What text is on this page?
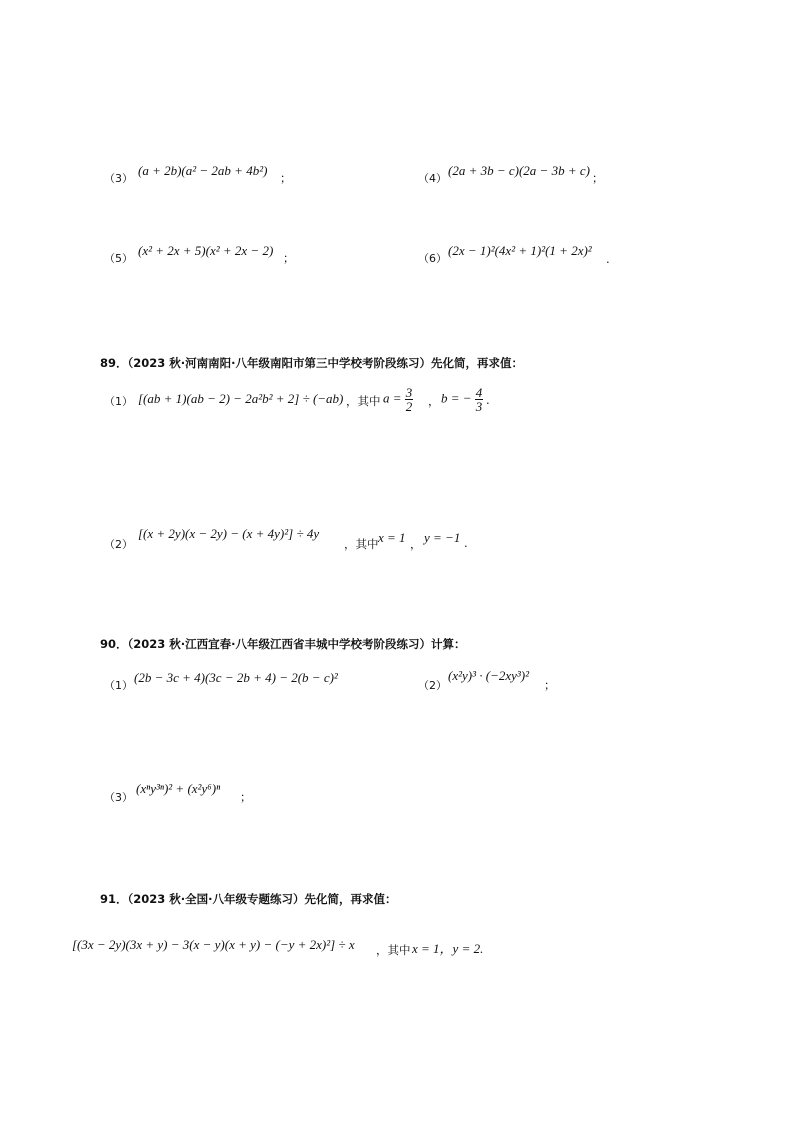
（3）
(a + 2b)(a² − 2ab + 4b²) ；	（4）
(2a + 3b − c)(2a − 3b + c) ；
（5）
(x² + 2x + 5)(x² + 2x − 2) ；	（6）
(2x − 1)²(4x² + 1)²(1 + 2x)²
.
89．（2023 秋·河南南阳·八年级南阳市第三中学校考阶段练习）先化简，再求值：
（1） [(ab + 1)(ab − 2) − 2a²b² + 2] ÷ (−ab) ，其中 $a = \frac{3}{2}$ ， b = − $\frac{4}{3}$ .
（2）
[(x + 2y)(x − 2y) − (x + 4y)²] ÷ 4y
，其中 x = 1 ， y = −1 .
90．（2023 秋·江西宜春·八年级江西省丰城中学校考阶段练习）计算：
（1）
(2b − 3c + 4)(3c − 2b + 4) − 2(b − c)²
（2）
(x²y)³ · (−2xy³)²
；
（3）
(xⁿy³ⁿ)² + (x²y⁶)ⁿ
；
91．（2023 秋·全国·八年级专题练习）先化简，再求值：
[(3x − 2y)(3x + y) − 3(x − y)(x + y) − (−y + 2x)²] ÷ x ，其中 x = 1，y = 2.
